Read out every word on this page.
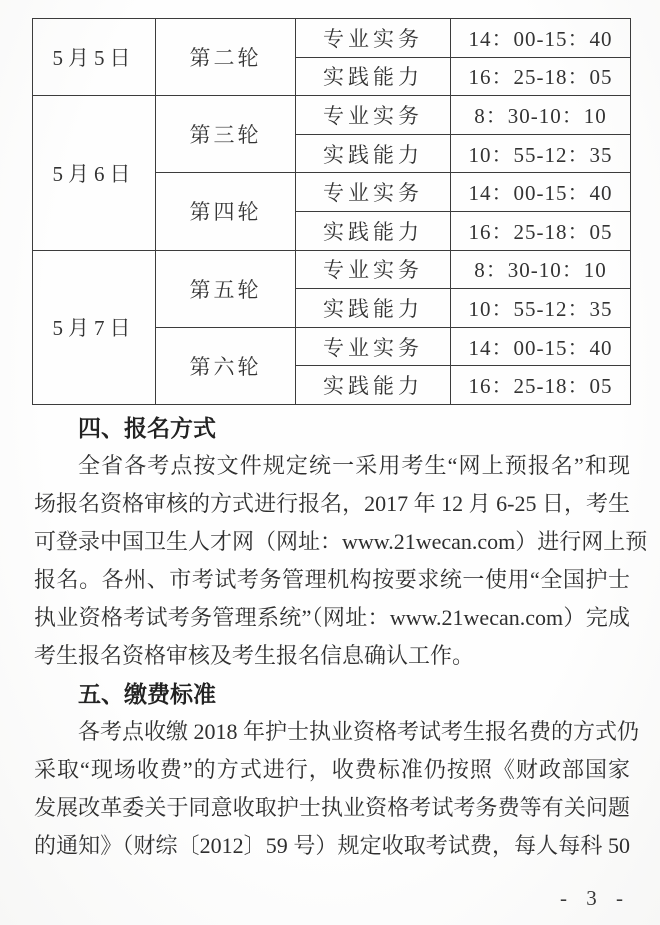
5月5日	第二轮	专业实务	14：00-15：40
		实践能力	16：25-18：05
5月6日	第三轮	专业实务	8：30-10：10
		实践能力	10：55-12：35
	第四轮	专业实务	14：00-15：40
		实践能力	16：25-18：05
5月7日	第五轮	专业实务	8：30-10：10
		实践能力	10：55-12：35
	第六轮	专业实务	14：00-15：40
		实践能力	16：25-18：05
四、报名方式
全省各考点按文件规定统一采用考生“网上预报名”和现
场报名资格审核的方式进行报名，2017 年 12 月 6-25 日，考生
可登录中国卫生人才网（网址：www.21wecan.com）进行网上预
报名。各州、市考试考务管理机构按要求统一使用“全国护士
执业资格考试考务管理系统”（网址：www.21wecan.com）完成
考生报名资格审核及考生报名信息确认工作。
五、缴费标准
各考点收缴 2018 年护士执业资格考试考生报名费的方式仍
采取“现场收费”的方式进行，收费标准仍按照《财政部国家
发展改革委关于同意收取护士执业资格考试考务费等有关问题
的通知》（财综〔2012〕59 号）规定收取考试费，每人每科 50
- 3 -
